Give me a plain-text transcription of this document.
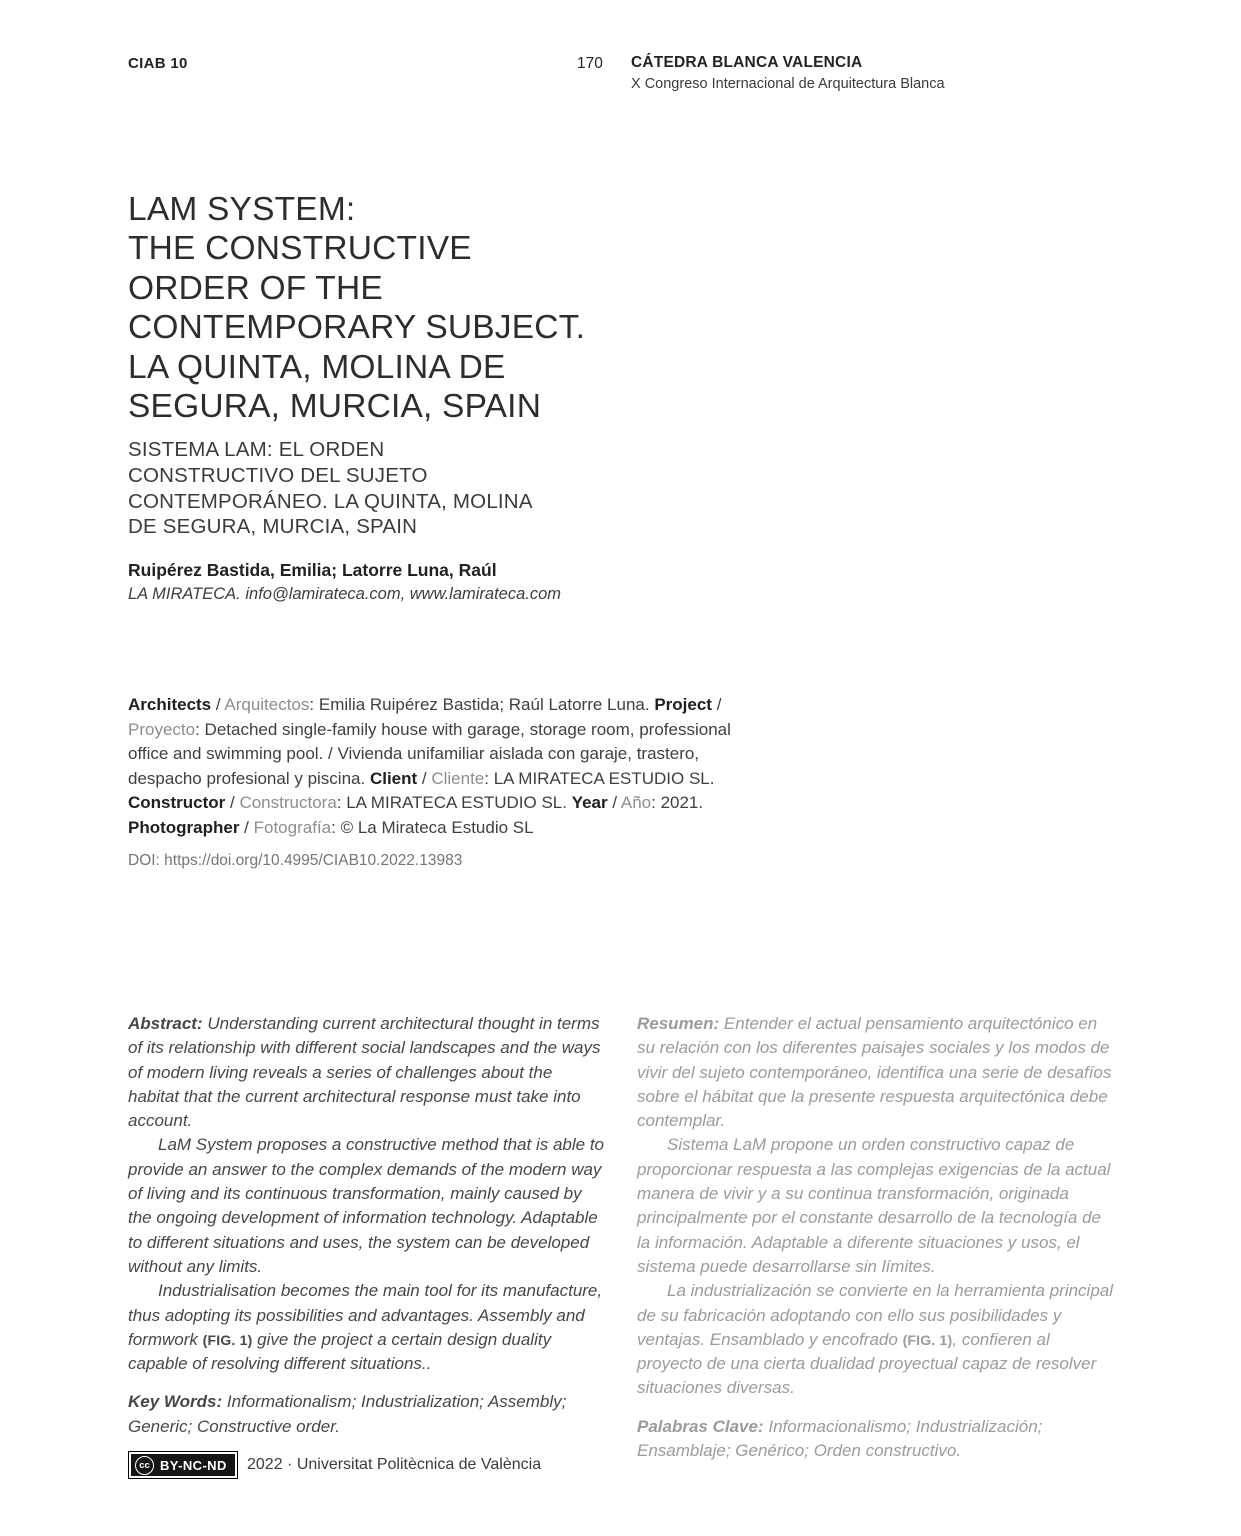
CIAB 10	170 CÁTEDRA BLANCA VALENCIA
X Congreso Internacional de Arquitectura Blanca
LAM SYSTEM:
THE CONSTRUCTIVE
ORDER OF THE
CONTEMPORARY SUBJECT.
LA QUINTA, MOLINA DE
SEGURA, MURCIA, SPAIN
SISTEMA LAM: EL ORDEN
CONSTRUCTIVO DEL SUJETO
CONTEMPORÁNEO. LA QUINTA, MOLINA
DE SEGURA, MURCIA, SPAIN
Ruipérez Bastida, Emilia; Latorre Luna, Raúl
LA MIRATECA. info@lamirateca.com, www.lamirateca.com
Architects / Arquitectos: Emilia Ruipérez Bastida; Raúl Latorre Luna. Project / Proyecto: Detached single-family house with garage, storage room, professional office and swimming pool. / Vivienda unifamiliar aislada con garaje, trastero, despacho profesional y piscina. Client / Cliente: LA MIRATECA ESTUDIO SL. Constructor / Constructora: LA MIRATECA ESTUDIO SL. Year / Año: 2021. Photographer / Fotografía: © La Mirateca Estudio SL
DOI: https://doi.org/10.4995/CIAB10.2022.13983

Abstract: Understanding current architectural thought in terms of its relationship with different social landscapes and the ways of modern living reveals a series of challenges about the habitat that the current architectural response must take into account.

LaM System proposes a constructive method that is able to provide an answer to the complex demands of the modern way of living and its continuous transformation, mainly caused by the ongoing development of information technology. Adaptable to different situations and uses, the system can be developed without any limits.

Industrialisation becomes the main tool for its manufacture, thus adopting its possibilities and advantages. Assembly and formwork (FIG. 1) give the project a certain design duality capable of resolving different situations..

Key Words: Informationalism; Industrialization; Assembly; Generic; Constructive order.

Resumen: Entender el actual pensamiento arquitectónico en su relación con los diferentes paisajes sociales y los modos de vivir del sujeto contemporáneo, identifica una serie de desafíos sobre el hábitat que la presente respuesta arquitectónica debe contemplar.

Sistema LaM propone un orden constructivo capaz de proporcionar respuesta a las complejas exigencias de la actual manera de vivir y a su continua transformación, originada principalmente por el constante desarrollo de la tecnología de la información. Adaptable a diferente situaciones y usos, el sistema puede desarrollarse sin límites.

La industrialización se convierte en la herramienta principal de su fabricación adoptando con ello sus posibilidades y ventajas. Ensamblado y encofrado (FIG. 1), confieren al proyecto de una cierta dualidad proyectual capaz de resolver situaciones diversas.

Palabras Clave: Informacionalismo; Industrialización; Ensamblaje; Genérico; Orden constructivo.

cc BY-NC-ND 2022 · Universitat Politècnica de València
